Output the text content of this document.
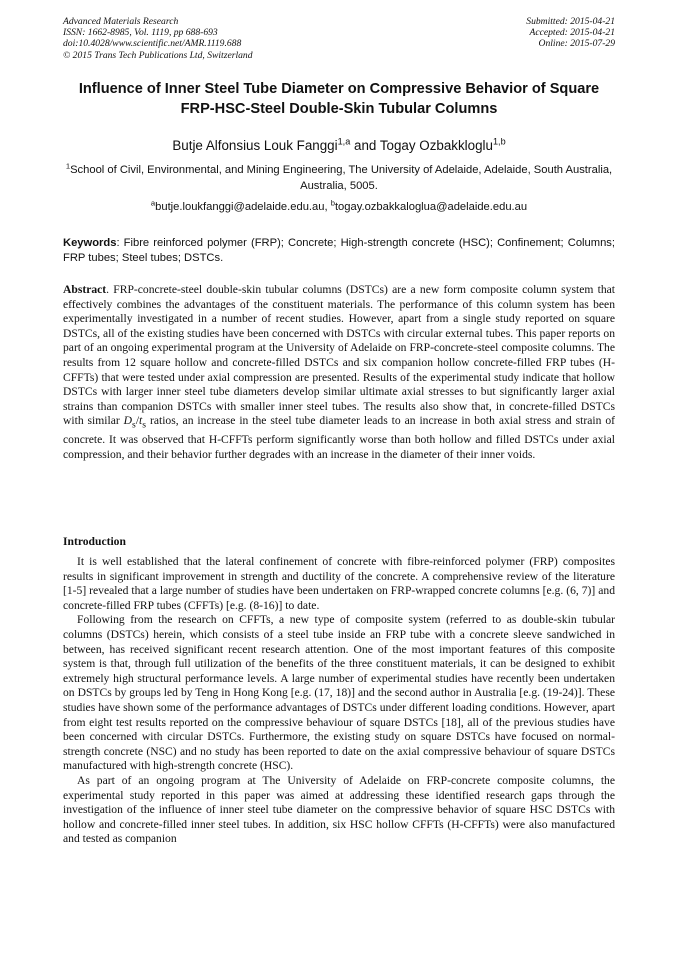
Advanced Materials Research
ISSN: 1662-8985, Vol. 1119, pp 688-693
doi:10.4028/www.scientific.net/AMR.1119.688
© 2015 Trans Tech Publications Ltd, Switzerland
Submitted: 2015-04-21
Accepted: 2015-04-21
Online: 2015-07-29
Influence of Inner Steel Tube Diameter on Compressive Behavior of Square FRP-HSC-Steel Double-Skin Tubular Columns
Butje Alfonsius Louk Fanggi$^{1,a}$ and Togay Ozbakkloglu$^{1,b}$
$^1$School of Civil, Environmental, and Mining Engineering, The University of Adelaide, Adelaide, South Australia, Australia, 5005.
$^a$butje.loukfanggi@adelaide.edu.au, $^b$togay.ozbakkaloglua@adelaide.edu.au
Keywords: Fibre reinforced polymer (FRP); Concrete; High-strength concrete (HSC); Confinement; Columns; FRP tubes; Steel tubes; DSTCs.

Abstract. FRP-concrete-steel double-skin tubular columns (DSTCs) are a new form composite column system that effectively combines the advantages of the constituent materials. The performance of this column system has been experimentally investigated in a number of recent studies. However, apart from a single study reported on square DSTCs, all of the existing studies have been concerned with DSTCs with circular external tubes. This paper reports on part of an ongoing experimental program at the University of Adelaide on FRP-concrete-steel composite columns. The results from 12 square hollow and concrete-filled DSTCs and six companion hollow concrete-filled FRP tubes (H-CFFTs) that were tested under axial compression are presented. Results of the experimental study indicate that hollow DSTCs with larger inner steel tube diameters develop similar ultimate axial stresses to but significantly larger axial strains than companion DSTCs with smaller inner steel tubes. The results also show that, in concrete-filled DSTCs with similar $D_s/t_s$ ratios, an increase in the steel tube diameter leads to an increase in both axial stress and strain of concrete. It was observed that H-CFFTs perform significantly worse than both hollow and filled DSTCs under axial compression, and their behavior further degrades with an increase in the diameter of their inner voids.

Introduction

It is well established that the lateral confinement of concrete with fibre-reinforced polymer (FRP) composites results in significant improvement in strength and ductility of the concrete. A comprehensive review of the literature [1-5] revealed that a large number of studies have been undertaken on FRP-wrapped concrete columns [e.g. (6, 7)] and concrete-filled FRP tubes (CFFTs) [e.g. (8-16)] to date.

Following from the research on CFFTs, a new type of composite system (referred to as double-skin tubular columns (DSTCs) herein, which consists of a steel tube inside an FRP tube with a concrete sleeve sandwiched in between, has received significant recent research attention. One of the most important features of this composite system is that, through full utilization of the benefits of the three constituent materials, it can be designed to exhibit extremely high structural performance levels. A large number of experimental studies have recently been undertaken on DSTCs by groups led by Teng in Hong Kong [e.g. (17, 18)] and the second author in Australia [e.g. (19-24)]. These studies have shown some of the performance advantages of DSTCs under different loading conditions. However, apart from eight test results reported on the compressive behaviour of square DSTCs [18], all of the previous studies have been concerned with circular DSTCs. Furthermore, the existing study on square DSTCs have focused on normal-strength concrete (NSC) and no study has been reported to date on the axial compressive behaviour of square DSTCs manufactured with high-strength concrete (HSC).

As part of an ongoing program at The University of Adelaide on FRP-concrete composite columns, the experimental study reported in this paper was aimed at addressing these identified research gaps through the investigation of the influence of inner steel tube diameter on the compressive behavior of square HSC DSTCs with hollow and concrete-filled inner steel tubes. In addition, six HSC hollow CFFTs (H-CFFTs) were also manufactured and tested as companion
